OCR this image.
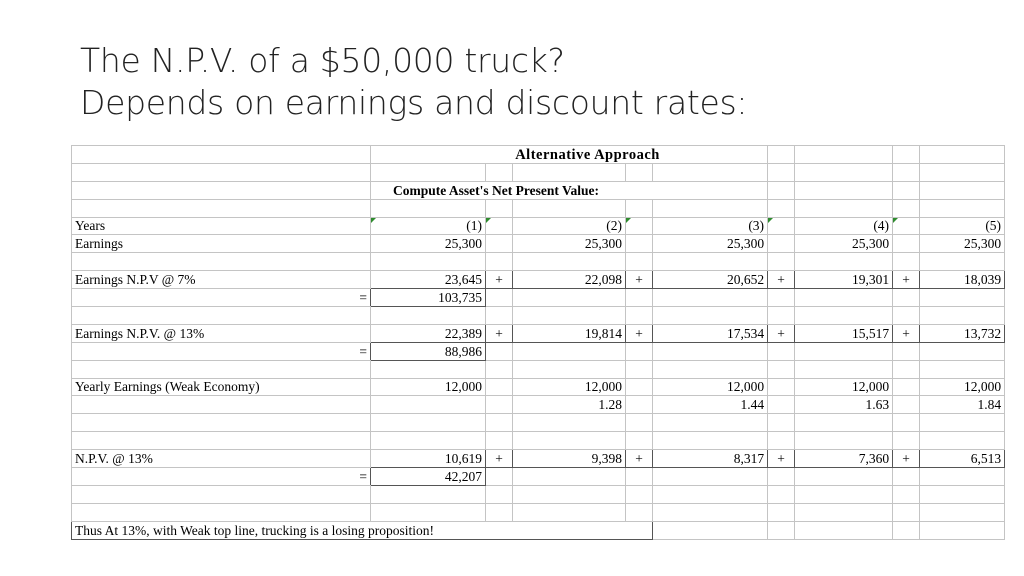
The N.P.V. of a $50,000 truck?
Depends on earnings and discount rates:
	Alternative Approach								

	Compute Asset's Net Present Value:								

Years	(1)		(2)		(3)		(4)		(5)
Earnings	25,300		25,300		25,300		25,300		25,300

Earnings N.P.V @ 7%	23,645	+	22,098	+	20,652	+	19,301	+	18,039
=	103,735								

Earnings N.P.V. @ 13%	22,389	+	19,814	+	17,534	+	15,517	+	13,732
=	88,986								

Yearly Earnings (Weak Economy)	12,000		12,000		12,000		12,000		12,000
			1.28		1.44		1.63		1.84

N.P.V. @ 13%	10,619	+	9,398	+	8,317	+	7,360	+	6,513
=	42,207								

Thus At 13%, with Weak top line, trucking is a losing proposition!									
